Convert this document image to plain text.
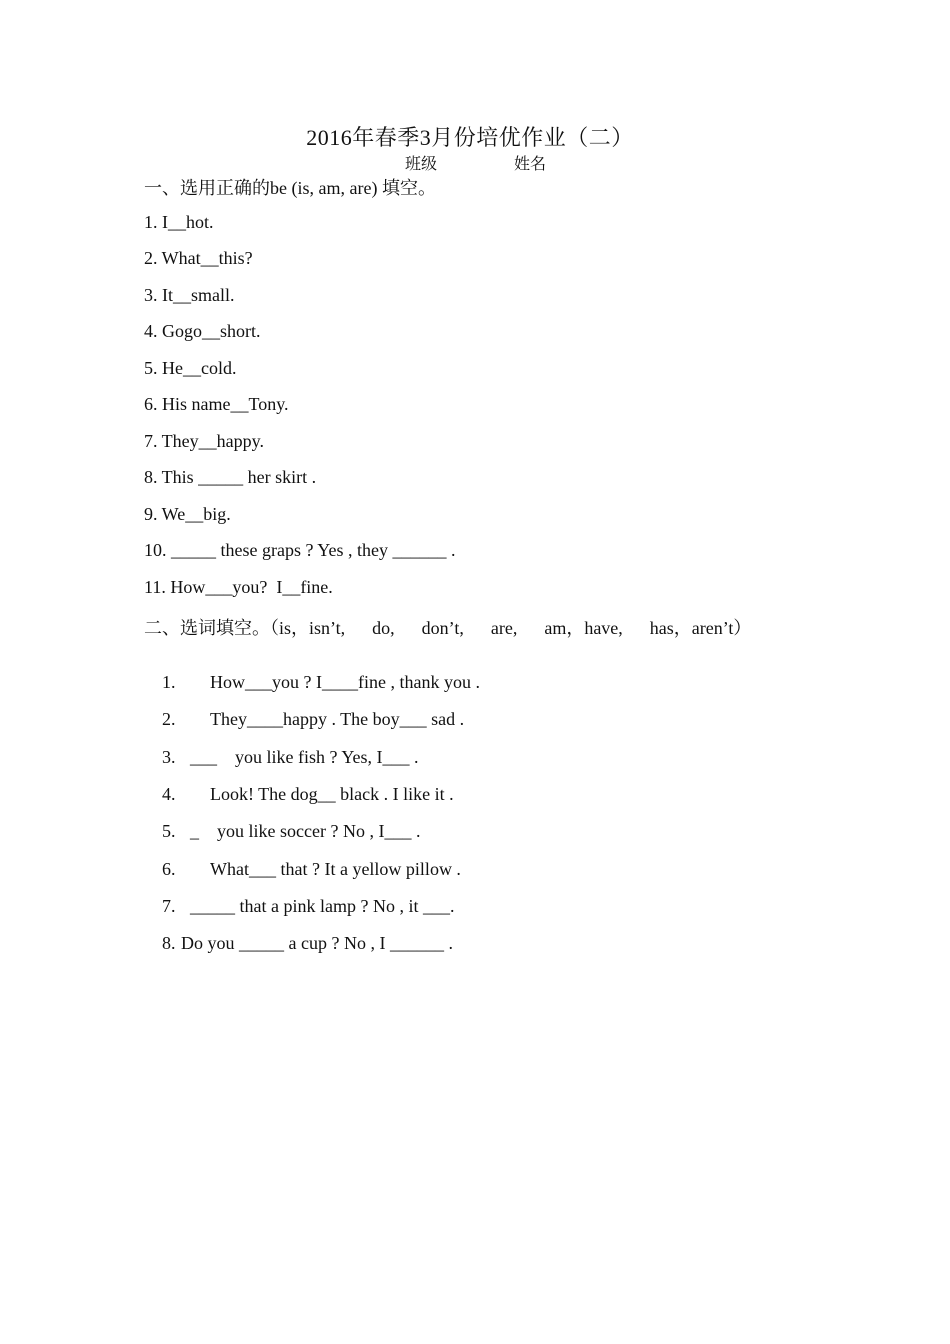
2016年春季3月份培优作业（二）
班级	姓名
一、选用正确的be (is, am, are) 填空。
1. I__hot.
2. What__this?
3. It__small.
4. Gogo__short.
5. He__cold.
6. His name__Tony.
7. They__happy.
8. This _____ her skirt .
9. We__big.
10. _____ these graps ? Yes , they ______ .
11. How___you?  I__fine.
二、选词填空。（is，isn’t,      do,      don’t,      are,      am，have,      has，aren’t）

1. How___you ? I____fine , thank you .

2. They____happy . The boy___ sad .

3. ___    you like fish ? Yes, I___ .

4. Look! The dog__ black . I like it .

5. _    you like soccer ? No , I___ .

6. What___ that ? It a yellow pillow .

7. _____ that a pink lamp ? No , it ___.

8. Do you _____ a cup ? No , I ______ .
